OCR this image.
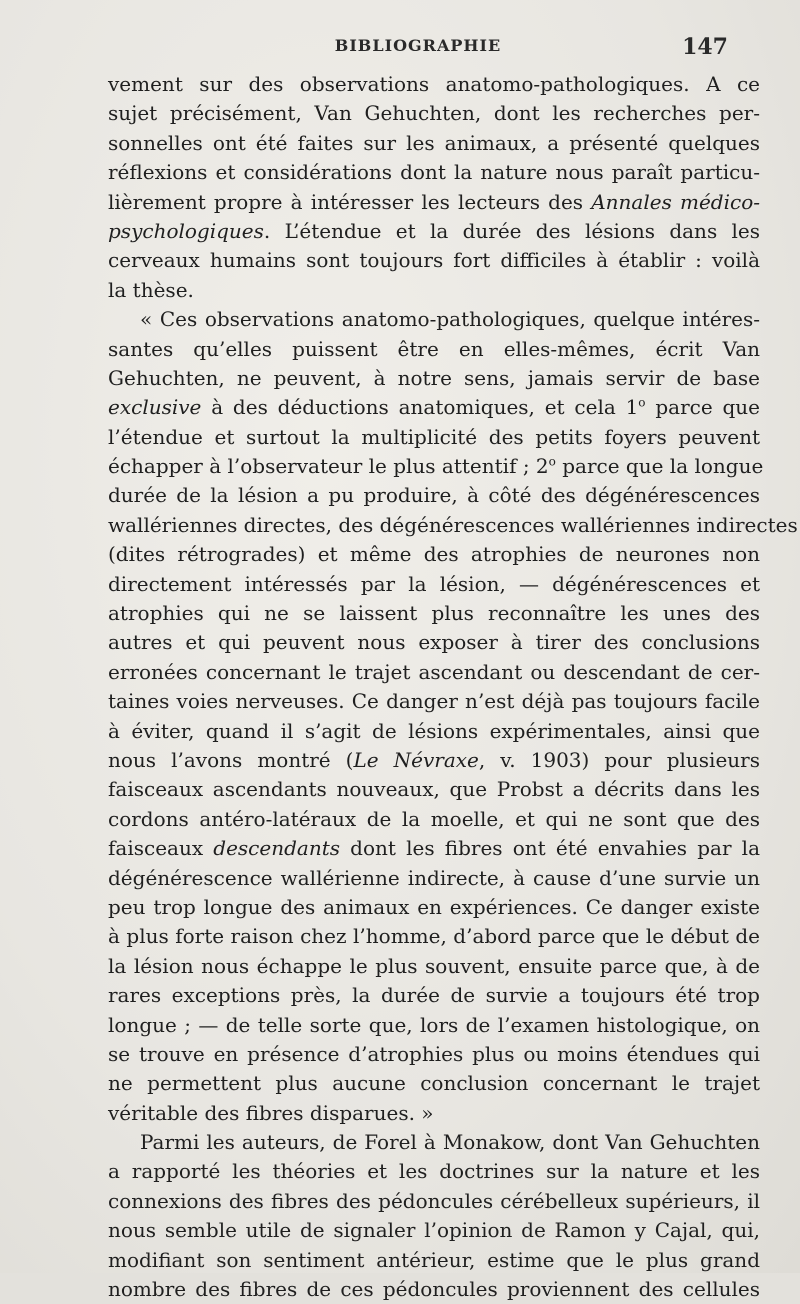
BIBLIOGRAPHIE	147
vement sur des observations anatomo-pathologiques. A ce
sujet précisément, Van Gehuchten, dont les recherches per-
sonnelles ont été faites sur les animaux, a présenté quelques
réflexions et considérations dont la nature nous paraît particu-
lièrement propre à intéresser les lecteurs des Annales médico-
psychologiques. L’étendue et la durée des lésions dans les
cerveaux humains sont toujours fort difficiles à établir : voilà
la thèse.
« Ces observations anatomo-pathologiques, quelque intéres-
santes qu’elles puissent être en elles-mêmes, écrit Van
Gehuchten, ne peuvent, à notre sens, jamais servir de base
exclusive à des déductions anatomiques, et cela 1$^o$ parce que
l’étendue et surtout la multiplicité des petits foyers peuvent
échapper à l’observateur le plus attentif ; 2$^o$ parce que la longue
durée de la lésion a pu produire, à côté des dégénérescences
wallériennes directes, des dégénérescences wallériennes indirectes
(dites rétrogrades) et même des atrophies de neurones non
directement intéressés par la lésion, — dégénérescences et
atrophies qui ne se laissent plus reconnaître les unes des
autres et qui peuvent nous exposer à tirer des conclusions
erronées concernant le trajet ascendant ou descendant de cer-
taines voies nerveuses. Ce danger n’est déjà pas toujours facile
à éviter, quand il s’agit de lésions expérimentales, ainsi que
nous l’avons montré (Le Névraxe, v. 1903) pour plusieurs
faisceaux ascendants nouveaux, que Probst a décrits dans les
cordons antéro-latéraux de la moelle, et qui ne sont que des
faisceaux descendants dont les fibres ont été envahies par la
dégénérescence wallérienne indirecte, à cause d’une survie un
peu trop longue des animaux en expériences. Ce danger existe
à plus forte raison chez l’homme, d’abord parce que le début de
la lésion nous échappe le plus souvent, ensuite parce que, à de
rares exceptions près, la durée de survie a toujours été trop
longue ; — de telle sorte que, lors de l’examen histologique, on
se trouve en présence d’atrophies plus ou moins étendues qui
ne permettent plus aucune conclusion concernant le trajet
véritable des fibres disparues. »
Parmi les auteurs, de Forel à Monakow, dont Van Gehuchten
a rapporté les théories et les doctrines sur la nature et les
connexions des fibres des pédoncules cérébelleux supérieurs, il
nous semble utile de signaler l’opinion de Ramon y Cajal, qui,
modifiant son sentiment antérieur, estime que le plus grand
nombre des fibres de ces pédoncules proviennent des cellules
